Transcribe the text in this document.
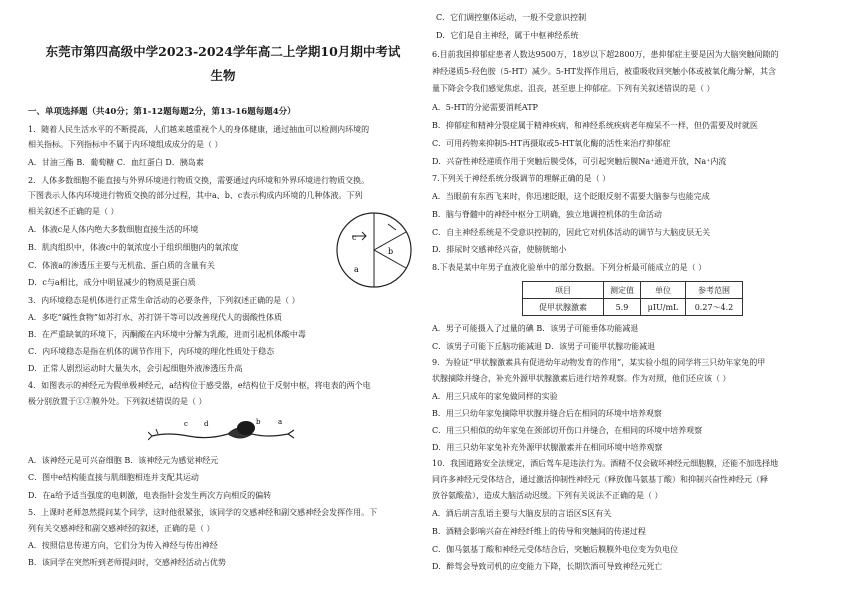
东莞市第四高级中学2023-2024学年高二上学期10月期中考试
生物
一、单项选择题（共40分；第1-12题每题2分，第13-16题每题4分）
1．随着人民生活水平的不断提高，人们越来越重视个人的身体健康，通过抽血可以检测内环境的
相关指标。下列指标中不属于内环境组成成分的是（ ）
A．甘油三酯 B．葡萄糖 C．血红蛋白 D．胰岛素
2．人体多数细胞不能直接与外界环境进行物质交换，需要通过内环境和外界环境进行物质交换。
下图表示人体内环境进行物质交换的部分过程，其中a、b、c表示构成内环境的几种体液。下列
相关叙述不正确的是（ ）
A．体液c是人体内绝大多数细胞直接生活的环境
B．肌肉组织中，体液c中的氧浓度小于组织细胞内的氧浓度
C．体液a的渗透压主要与无机盐、蛋白质的含量有关
D．c与a相比，成分中明显减少的物质是蛋白质
3．内环境稳态是机体进行正常生命活动的必要条件，下列叙述正确的是（ ）
A．多吃“碱性食物”如苏打水、苏打饼干等可以改善现代人的弱酸性体质
B．在严重缺氧的环境下，丙酮酸在内环境中分解为乳酸，进而引起机体酸中毒
C．内环境稳态是指在机体的调节作用下，内环境的理化性质处于稳态
D．正常人剧烈运动时大量失水，会引起细胞外液渗透压升高
4．如图表示的神经元为假单极神经元，a结构位于感受器，e结构位于反射中枢，将电表的两个电
极分别放置于①②膜外处。下列叙述错误的是（ ）
A．该神经元是可兴奋细胞 B．该神经元为感觉神经元
C．图中e结构能直接与肌细胞相连并支配其运动
D．在a给予适当强度的电刺激，电表指针会发生两次方向相反的偏转
5．上课时老师忽然提问某个同学，这时他很紧张，该同学的交感神经和副交感神经会发挥作用。下
列有关交感神经和副交感神经的叙述，正确的是（ ）
A．按照信息传递方向，它们分为传入神经与传出神经
B．该同学在突然听到老师提问时，交感神经活动占优势
c
a
b
c d	b	a
C．它们调控躯体运动，一般不受意识控制
D．它们是自主神经，属于中枢神经系统
6.目前我国抑郁症患者人数达9500万，18岁以下超2800万，患抑郁症主要是因为大脑突触间隙的
神经递质5-羟色胺（5-HT）减少。5-HT发挥作用后，被重吸收回突触小体或被氧化酶分解，其含
量下降会令我们感觉焦虑、沮丧，甚至患上抑郁症。下列有关叙述错误的是（ ）
A．5-HT的分泌需要消耗ATP
B．抑郁症和精神分裂症属于精神疾病，和神经系统疾病老年痴呆不一样，但仍需要及时就医
C．可用药物来抑制5-HT再摄取或5-HT氧化酶的活性来治疗抑郁症
D．兴奋性神经递质作用于突触后膜受体，可引起突触后膜Na⁺通道开放，Na⁺内流
7.下列关于神经系统分级调节的理解正确的是（ ）
A．当眼前有东西飞来时，你迅速眨眼，这个眨眼反射不需要大脑参与也能完成
B．脑与脊髓中的神经中枢分工明确，独立地调控机体的生命活动
C．自主神经系统是不受意识控制的，因此它对机体活动的调节与大脑皮层无关
D．排尿时交感神经兴奋，使膀胱缩小
8.下表是某中年男子血液化验单中的部分数据。下列分析最可能成立的是（ ）
项目	测定值	单位	参考范围
促甲状腺激素	5.9	μIU/mL	0.27～4.2
A．男子可能摄入了过量的碘 B．该男子可能垂体功能减退
C．该男子可能下丘脑功能减退 D．该男子可能甲状腺功能减退
9．为验证“甲状腺激素具有促进幼年动物发育的作用”，某实验小组的同学将三只幼年家兔的甲
状腺摘除并缝合，补充外源甲状腺激素后进行培养观察。作为对照，他们还应该（ ）
A．用三只成年的家兔做同样的实验
B．用三只幼年家兔摘除甲状腺并缝合后在相同的环境中培养观察
C．用三只相似的幼年家兔在颈部切开伤口并缝合，在相同的环境中培养观察
D．用三只幼年家兔补充外源甲状腺激素并在相同环境中培养观察
10．我国道路安全法规定，酒后驾车是违法行为。酒精不仅会破坏神经元细胞膜，还能不加选择地
同许多神经元受体结合，通过激活抑制性神经元（释放伽马氨基丁酸）和抑制兴奋性神经元（释
放谷氨酸盐），造成大脑活动迟缓。下列有关说法不正确的是（ ）
A．酒后胡言乱语主要与大脑皮层的言语区S区有关
B．酒精会影响兴奋在神经纤维上的传导和突触间的传递过程
C．伽马氨基丁酸和神经元受体结合后，突触后膜膜外电位变为负电位
D．醉驾会导致司机的应变能力下降，长期饮酒可导致神经元死亡
